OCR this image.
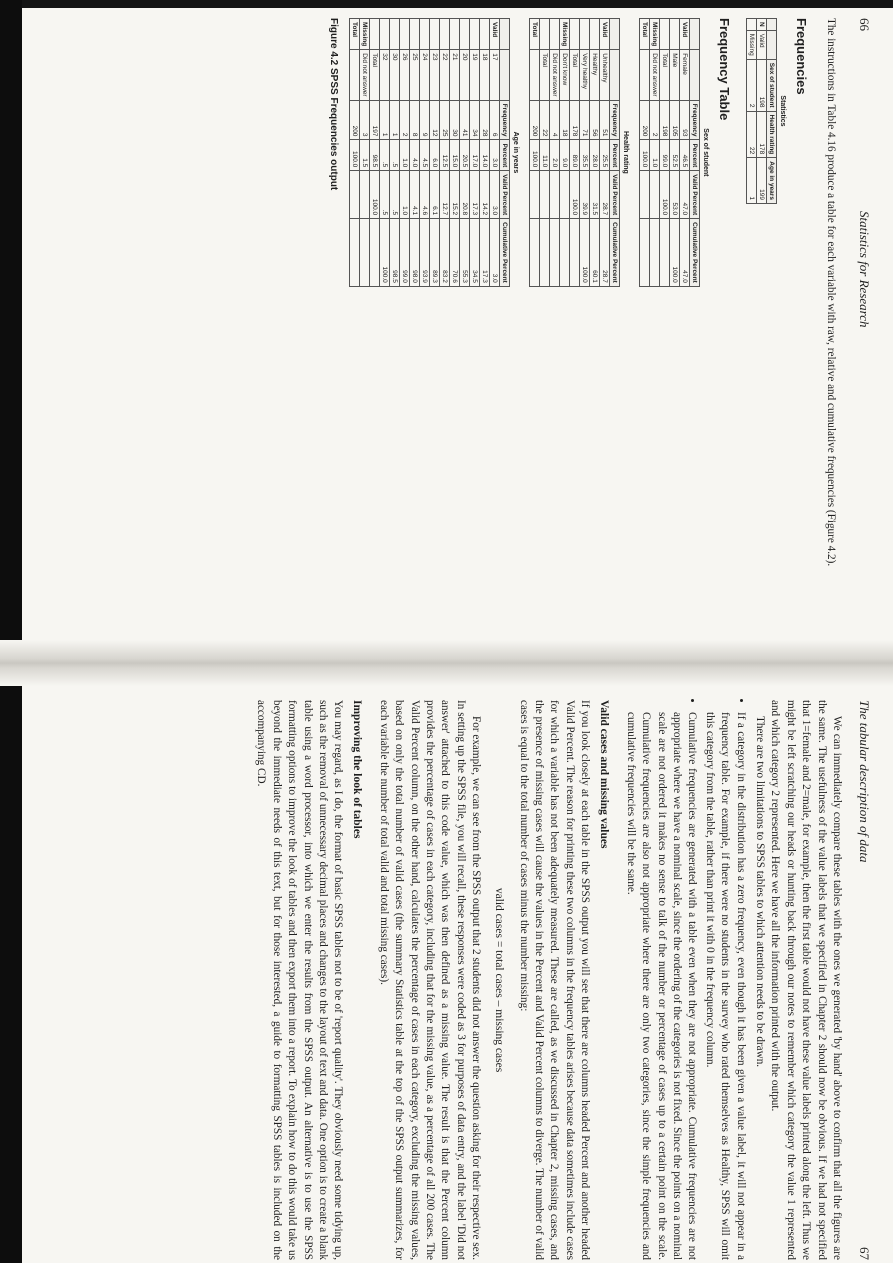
66
Statistics for Research
The instructions in Table 4.16 produce a table for each variable with raw, relative and cumulative frequencies (Figure 4.2).
Frequencies
Statistics
		Sex of student	Health rating	Age in years
N	Valid	198	178	199
	Missing	2	22	1
Frequency Table
Sex of student
		Frequency	Percent	Valid Percent	Cumulative Percent
Valid	Female	93	46.5	47.0	47.0
	Male	105	52.5	53.0	100.0
	Total	198	99.0	100.0	
Missing	Did not answer	2	1.0		
Total		200	100.0		
Health rating
		Frequency	Percent	Valid Percent	Cumulative Percent
Valid	Unhealthy	51	25.5	28.7	28.7
	Healthy	56	28.0	31.5	60.1
	Very healthy	71	35.5	39.9	100.0
	Total	178	89.0	100.0	
Missing	Don't know	18	9.0		
	Did not answer	4	2.0		
	Total	22	11.0		
Total		200	100.0		
Age in years
		Frequency	Percent	Valid Percent	Cumulative Percent
Valid	17	6	3.0	3.0	3.0
	18	28	14.0	14.2	17.3
	19	34	17.0	17.3	34.5
	20	41	20.5	20.8	55.3
	21	30	15.0	15.2	70.6
	22	25	12.5	12.7	83.2
	23	12	6.0	6.1	89.3
	24	9	4.5	4.6	93.9
	25	8	4.0	4.1	98.0
	26	2	1.0	1.0	99.0
	30	1	.5	.5	98.5
	32	1	.5	.5	100.0
	Total	197	98.5	100.0	
Missing	Did not answer	3	1.5		
Total		200	100.0		
Figure 4.2 SPSS Frequencies output
The tabular description of data
67
We can immediately compare these tables with the ones we generated 'by hand' above to confirm that all the figures are the same. The usefulness of the value labels that we specified in Chapter 2 should now be obvious. If we had not specified that 1=female and 2=male, for example, then the first table would not have these value labels printed along the left. Thus we might be left scratching our heads or hunting back through our notes to remember which category the value 1 represented and which category 2 represented. Here we have all the information printed with the output.
There are two limitations to SPSS tables to which attention needs to be drawn.
• If a category in the distribution has a zero frequency, even though it has been given a value label, it will not appear in a frequency table. For example, if there were no students in the survey who rated themselves as Healthy, SPSS will omit this category from the table, rather than print it with 0 in the frequency column.
• Cumulative frequencies are generated with a table even when they are not appropriate. Cumulative frequencies are not appropriate where we have a nominal scale, since the ordering of the categories is not fixed. Since the points on a nominal scale are not ordered it makes no sense to talk of the number or percentage of cases up to a certain point on the scale. Cumulative frequencies are also not appropriate where there are only two categories, since the simple frequencies and cumulative frequencies will be the same.
Valid cases and missing values
If you look closely at each table in the SPSS output you will see that there are columns headed Percent and another headed Valid Percent. The reason for printing these two columns in the frequency tables arises because data sometimes include cases for which a variable has not been adequately measured. These are called, as we discussed in Chapter 2, missing cases, and the presence of missing cases will cause the values in the Percent and Valid Percent columns to diverge. The number of valid cases is equal to the total number of cases minus the number missing:
valid cases = total cases – missing cases
For example, we can see from the SPSS output that 2 students did not answer the question asking for their respective sex. In setting up the SPSS file, you will recall, these responses were coded as 3 for purposes of data entry, and the label 'Did not answer' attached to this code value, which was then defined as a missing value. The result is that the Percent column provides the percentage of cases in each category, including that for the missing value, as a percentage of all 200 cases. The Valid Percent column, on the other hand, calculates the percentage of cases in each category, excluding the missing values, based on only the total number of valid cases (the summary Statistics table at the top of the SPSS output summarizes, for each variable the number of total valid and total missing cases).
Improving the look of tables
You may regard, as I do, the format of basic SPSS tables not to be of 'report quality'. They obviously need some tidying up, such as the removal of unnecessary decimal places and changes to the layout of text and data. One option is to create a blank table using a word processor, into which we enter the results from the SPSS output. An alternative is to use the SPSS formatting options to improve the look of tables and then export them into a report. To explain how to do this would take us beyond the immediate needs of this text, but for those interested, a guide to formatting SPSS tables is included on the accompanying CD.
